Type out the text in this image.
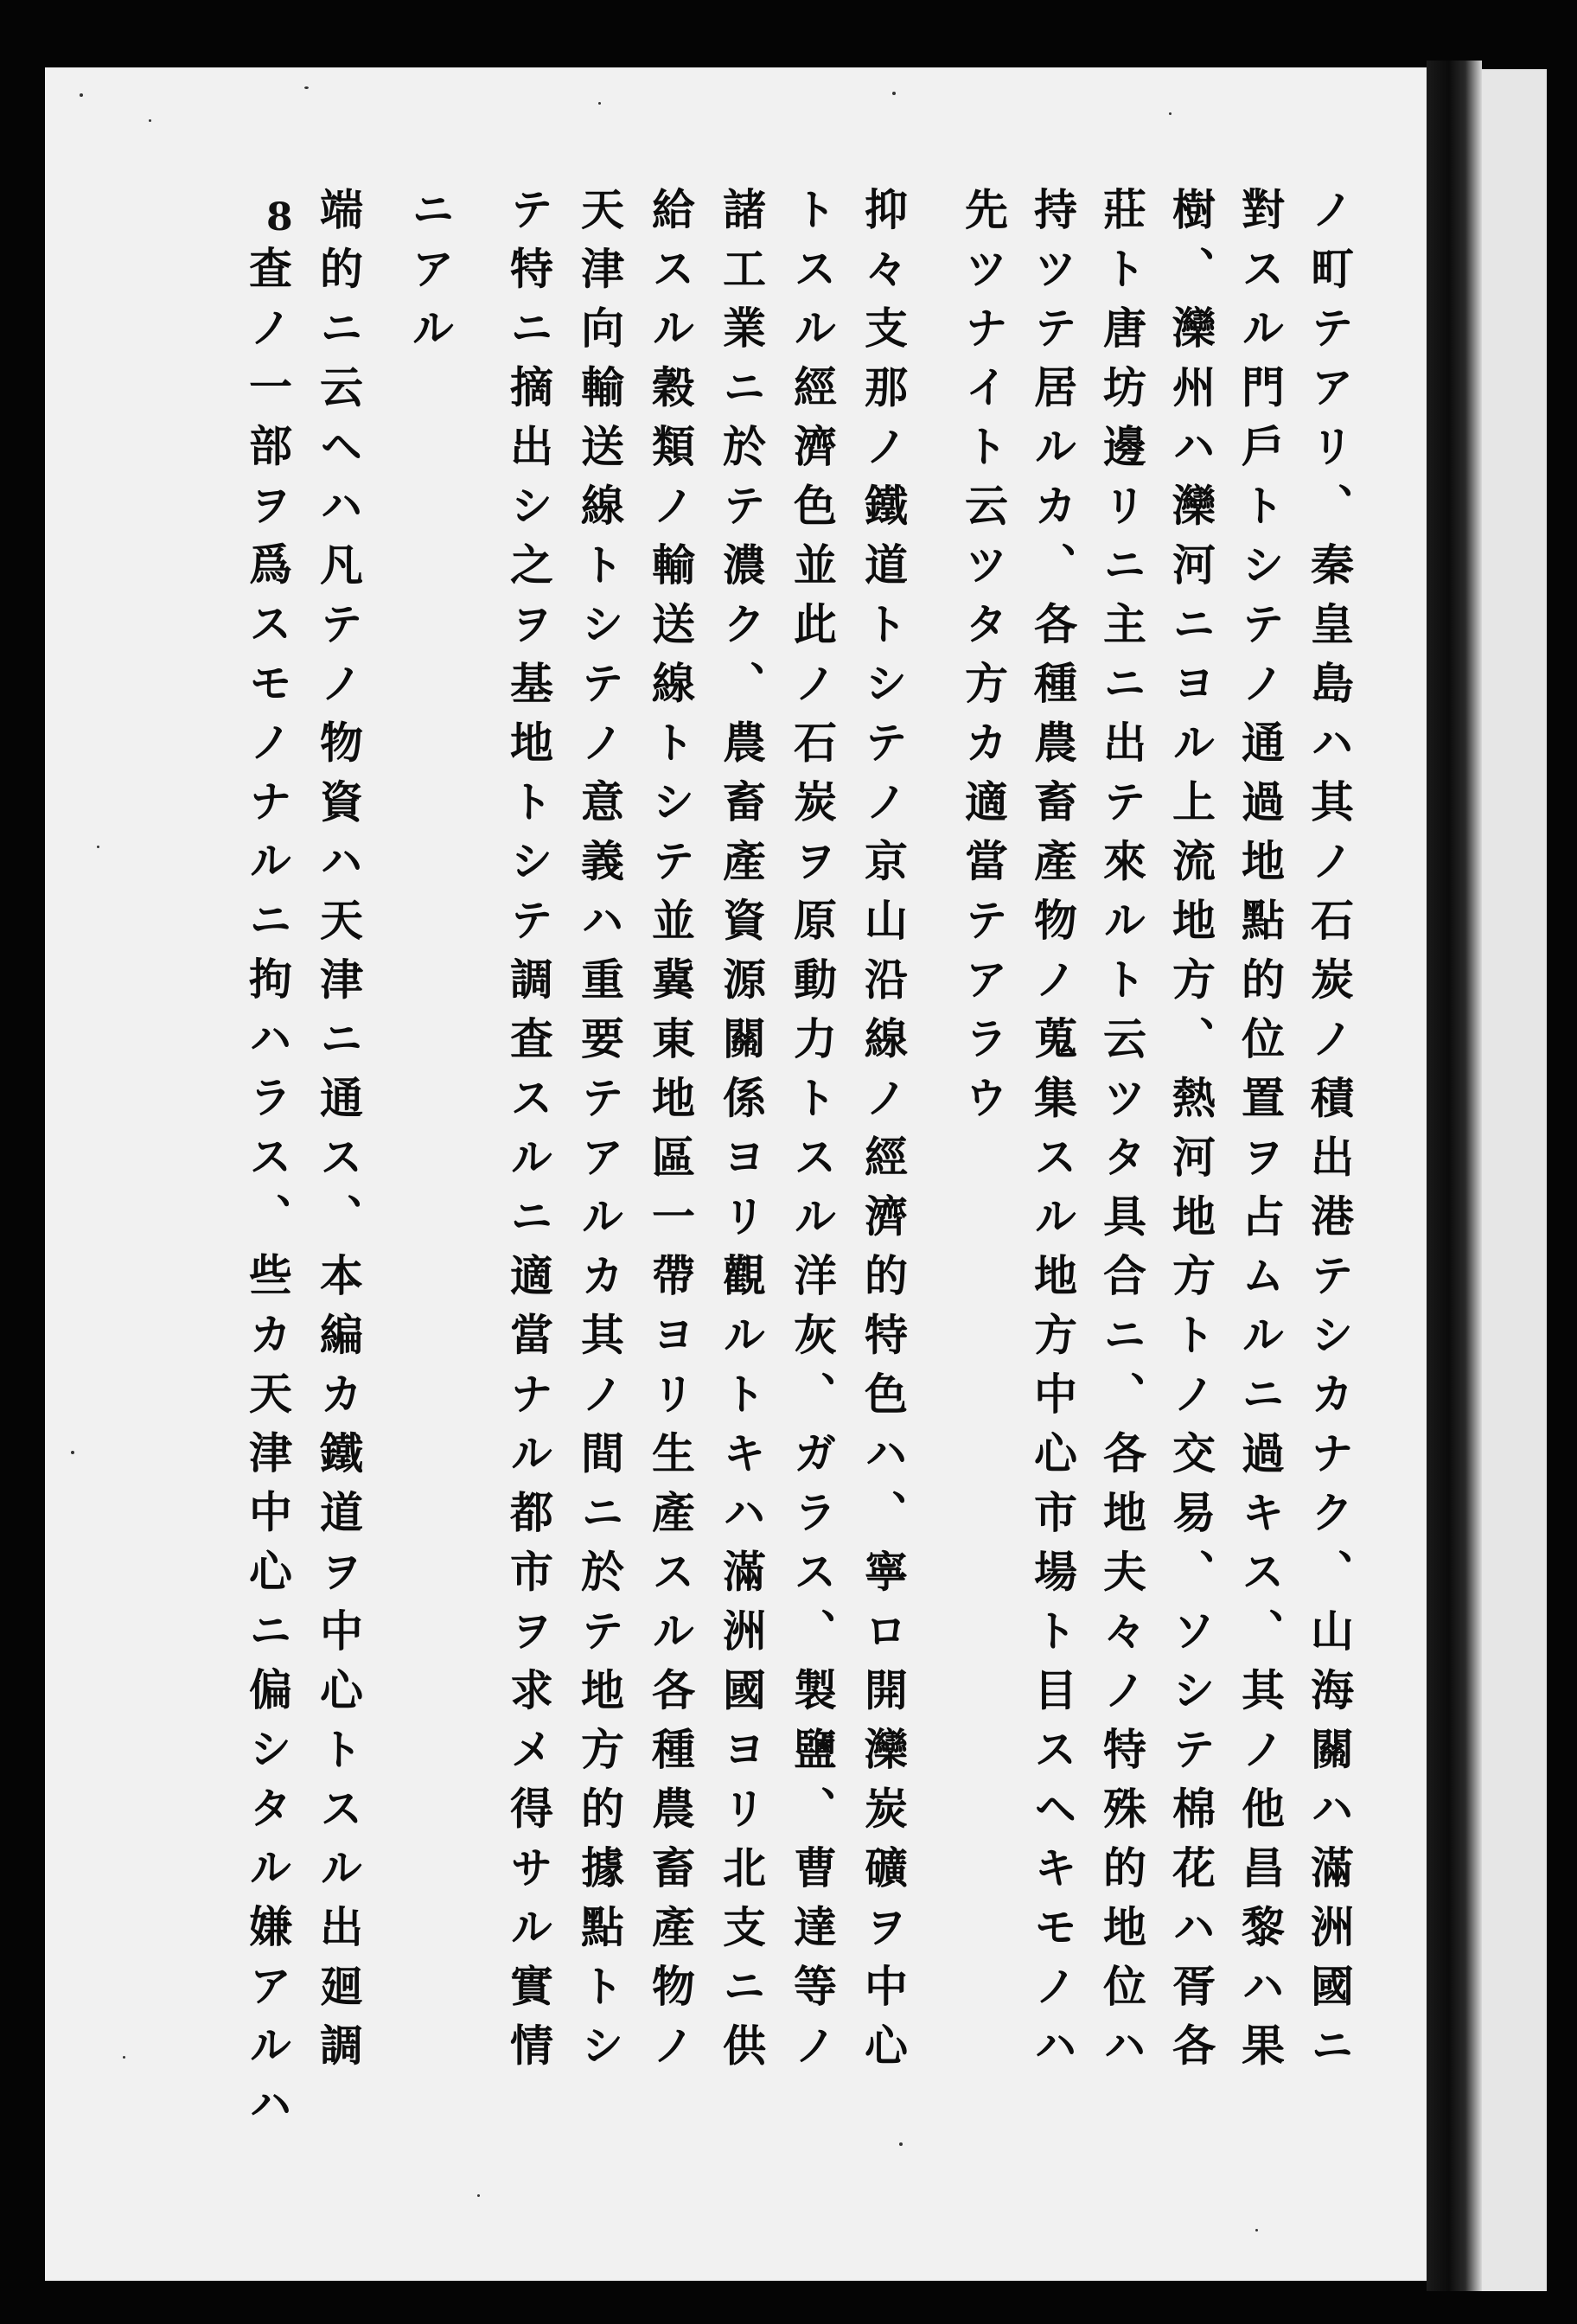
8	ノ町テアリ、秦皇島ハ其ノ石炭ノ積出港テシカナク、山海關ハ滿洲國ニ

對スル門戶トシテノ通過地點的位置ヲ占ムルニ過キス、其ノ他昌黎ハ果

樹、灤州ハ灤河ニヨル上流地方、熱河地方トノ交易、ソシテ棉花ハ胥各

莊ト唐坊邊リニ主ニ出テ來ルト云ツタ具合ニ、各地夫々ノ特殊的地位ハ

持ツテ居ルカ、各種農畜產物ノ蒐集スル地方中心市場ト目スヘキモノハ

先ツナイト云ツタ方カ適當テアラウ

抑々支那ノ鐵道トシテノ京山沿線ノ經濟的特色ハ、寧ロ開灤炭礦ヲ中心

トスル經濟色並此ノ石炭ヲ原動力トスル洋灰、ガラス、製鹽、曹達等ノ

諸工業ニ於テ濃ク、農畜產資源關係ヨリ觀ルトキハ滿洲國ヨリ北支ニ供

給スル穀類ノ輸送線トシテ並冀東地區一帶ヨリ生產スル各種農畜產物ノ

天津向輸送線トシテノ意義ハ重要テアルカ其ノ間ニ於テ地方的據點トシ

テ特ニ摘出シ之ヲ基地トシテ調査スルニ適當ナル都市ヲ求メ得サル實情

ニアル

端的ニ云ヘハ凡テノ物資ハ天津ニ通ス、本編カ鐵道ヲ中心トスル出廻調

査ノ一部ヲ爲スモノナルニ拘ハラス、些カ天津中心ニ偏シタル嫌アルハ
